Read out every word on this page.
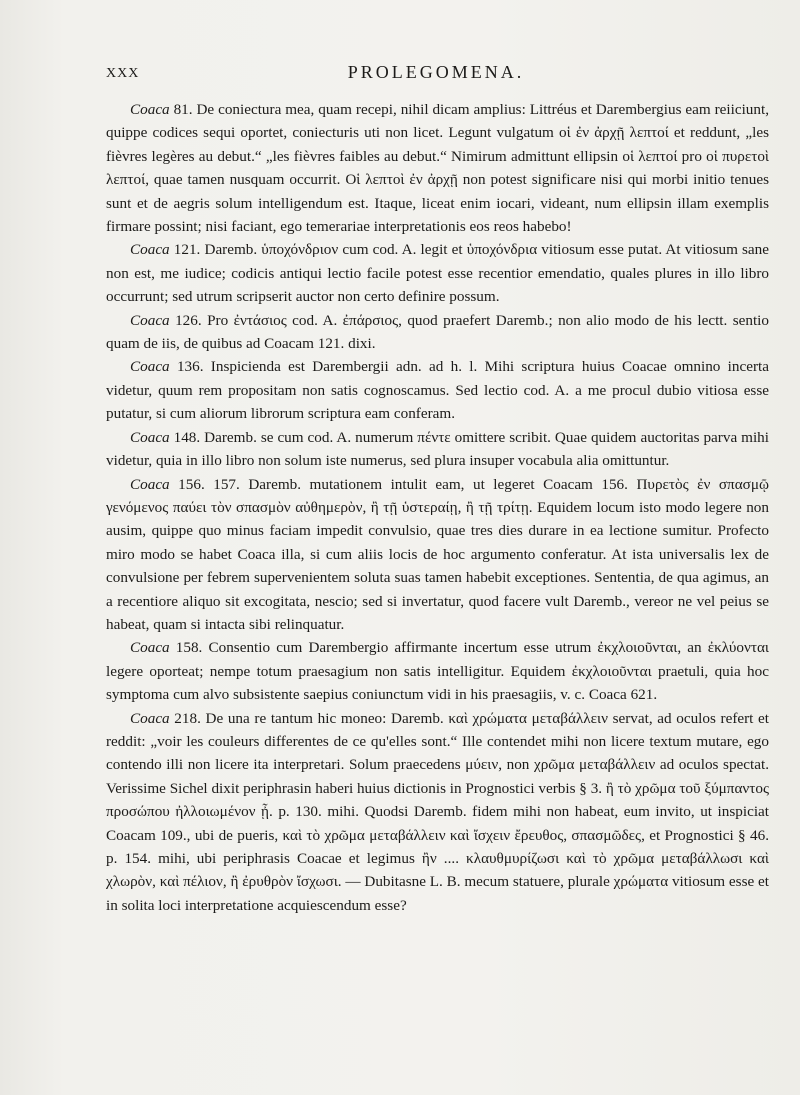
XXX	PROLEGOMENA.

Coaca 81. De coniectura mea, quam recepi, nihil dicam amplius: Littréus et Darembergius eam reiiciunt, quippe codices sequi oportet, coniecturis uti non licet. Legunt vulgatum οἱ ἐν ἀρχῇ λεπτοί et reddunt, „les fièvres legères au debut.“ „les fièvres faibles au debut.“ Nimirum admittunt ellipsin οἱ λεπτοί pro οἱ πυρετοὶ λεπτοί, quae tamen nusquam occurrit. Οἱ λεπτοὶ ἐν ἀρχῇ non potest significare nisi qui morbi initio tenues sunt et de aegris solum intelligendum est. Itaque, liceat enim iocari, videant, num ellipsin illam exemplis firmare possint; nisi faciant, ego temerariae interpretationis eos reos habebo!

Coaca 121. Daremb. ὑποχόνδριον cum cod. A. legit et ὑποχόνδρια vitiosum esse putat. At vitiosum sane non est, me iudice; codicis antiqui lectio facile potest esse recentior emendatio, quales plures in illo libro occurrunt; sed utrum scripserit auctor non certo definire possum.

Coaca 126. Pro ἐντάσιος cod. A. ἐπάρσιος, quod praefert Daremb.; non alio modo de his lectt. sentio quam de iis, de quibus ad Coacam 121. dixi.

Coaca 136. Inspicienda est Darembergii adn. ad h. l. Mihi scriptura huius Coacae omnino incerta videtur, quum rem propositam non satis cognoscamus. Sed lectio cod. A. a me procul dubio vitiosa esse putatur, si cum aliorum librorum scriptura eam conferam.

Coaca 148. Daremb. se cum cod. A. numerum πέντε omittere scribit. Quae quidem auctoritas parva mihi videtur, quia in illo libro non solum iste numerus, sed plura insuper vocabula alia omittuntur.

Coaca 156. 157. Daremb. mutationem intulit eam, ut legeret Coacam 156. Πυρετὸς ἐν σπασμῷ γενόμενος παύει τὸν σπασμὸν αὐθημερὸν, ἢ τῇ ὑστεραίῃ, ἢ τῇ τρίτῃ. Equidem locum isto modo legere non ausim, quippe quo minus faciam impedit convulsio, quae tres dies durare in ea lectione sumitur. Profecto miro modo se habet Coaca illa, si cum aliis locis de hoc argumento conferatur. At ista universalis lex de convulsione per febrem supervenientem soluta suas tamen habebit exceptiones. Sententia, de qua agimus, an a recentiore aliquo sit excogitata, nescio; sed si invertatur, quod facere vult Daremb., vereor ne vel peius se habeat, quam si intacta sibi relinquatur.

Coaca 158. Consentio cum Darembergio affirmante incertum esse utrum ἐκχλοιοῦνται, an ἐκλύονται legere oporteat; nempe totum praesagium non satis intelligitur. Equidem ἐκχλοιοῦνται praetuli, quia hoc symptoma cum alvo subsistente saepius coniunctum vidi in his praesagiis, v. c. Coaca 621.

Coaca 218. De una re tantum hic moneo: Daremb. καὶ χρώματα μεταβάλλειν servat, ad oculos refert et reddit: „voir les couleurs differentes de ce qu'elles sont.“ Ille contendet mihi non licere textum mutare, ego contendo illi non licere ita interpretari. Solum praecedens μύειν, non χρῶμα μεταβάλλειν ad oculos spectat. Verissime Sichel dixit periphrasin haberi huius dictionis in Prognostici verbis § 3. ἢ τὸ χρῶμα τοῦ ξύμπαντος προσώπου ἠλλοιωμένον ᾖ. p. 130. mihi. Quodsi Daremb. fidem mihi non habeat, eum invito, ut inspiciat Coacam 109., ubi de pueris, καὶ τὸ χρῶμα μεταβάλλειν καὶ ἴσχειν ἔρευθος, σπασμῶδες, et Prognostici § 46. p. 154. mihi, ubi periphrasis Coacae et legimus ἢν .... κλαυθμυρίζωσι καὶ τὸ χρῶμα μεταβάλλωσι καὶ χλωρὸν, καὶ πέλιον, ἢ ἐρυθρὸν ἴσχωσι. — Dubitasne L. B. mecum statuere, plurale χρώματα vitiosum esse et in solita loci interpretatione acquiescendum esse?
